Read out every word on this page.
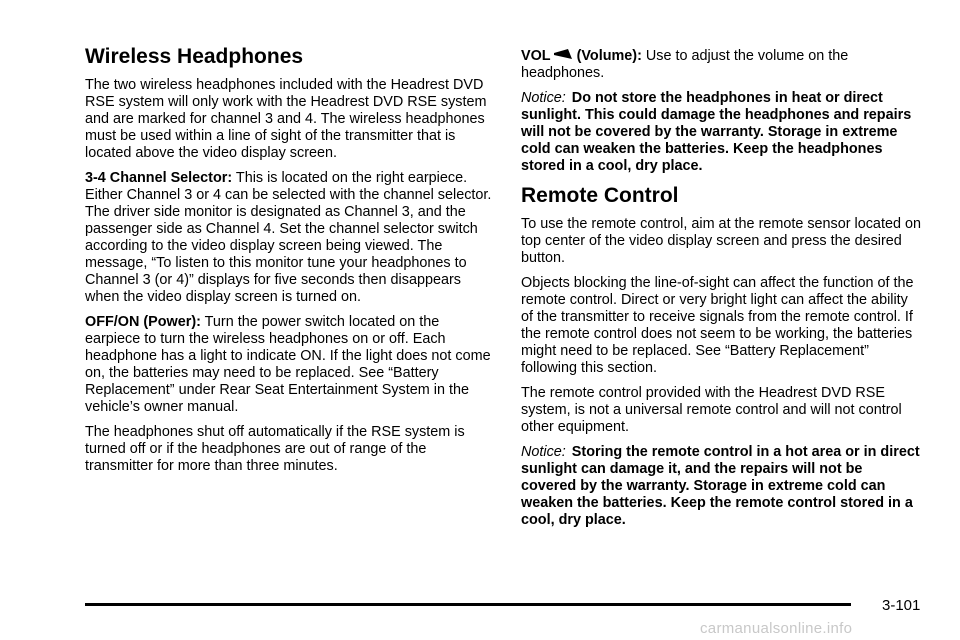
Wireless Headphones

The two wireless headphones included with the Headrest DVD RSE system will only work with the Headrest DVD RSE system and are marked for channel 3 and 4. The wireless headphones must be used within a line of sight of the transmitter that is located above the video display screen.

3-4 Channel Selector: This is located on the right earpiece. Either Channel 3 or 4 can be selected with the channel selector. The driver side monitor is designated as Channel 3, and the passenger side as Channel 4. Set the channel selector switch according to the video display screen being viewed. The message, “To listen to this monitor tune your headphones to Channel 3 (or 4)” displays for five seconds then disappears when the video display screen is turned on.

OFF/ON (Power): Turn the power switch located on the earpiece to turn the wireless headphones on or off. Each headphone has a light to indicate ON. If the light does not come on, the batteries may need to be replaced. See “Battery Replacement” under Rear Seat Entertainment System in the vehicle’s owner manual.

The headphones shut off automatically if the RSE system is turned off or if the headphones are out of range of the transmitter for more than three minutes.

VOL (Volume): Use to adjust the volume on the headphones.

Notice: Do not store the headphones in heat or direct sunlight. This could damage the headphones and repairs will not be covered by the warranty. Storage in extreme cold can weaken the batteries. Keep the headphones stored in a cool, dry place.

Remote Control

To use the remote control, aim at the remote sensor located on top center of the video display screen and press the desired button.

Objects blocking the line-of-sight can affect the function of the remote control. Direct or very bright light can affect the ability of the transmitter to receive signals from the remote control. If the remote control does not seem to be working, the batteries might need to be replaced. See “Battery Replacement” following this section.

The remote control provided with the Headrest DVD RSE system, is not a universal remote control and will not control other equipment.

Notice: Storing the remote control in a hot area or in direct sunlight can damage it, and the repairs will not be covered by the warranty. Storage in extreme cold can weaken the batteries. Keep the remote control stored in a cool, dry place.

3-101
carmanualsonline.info
